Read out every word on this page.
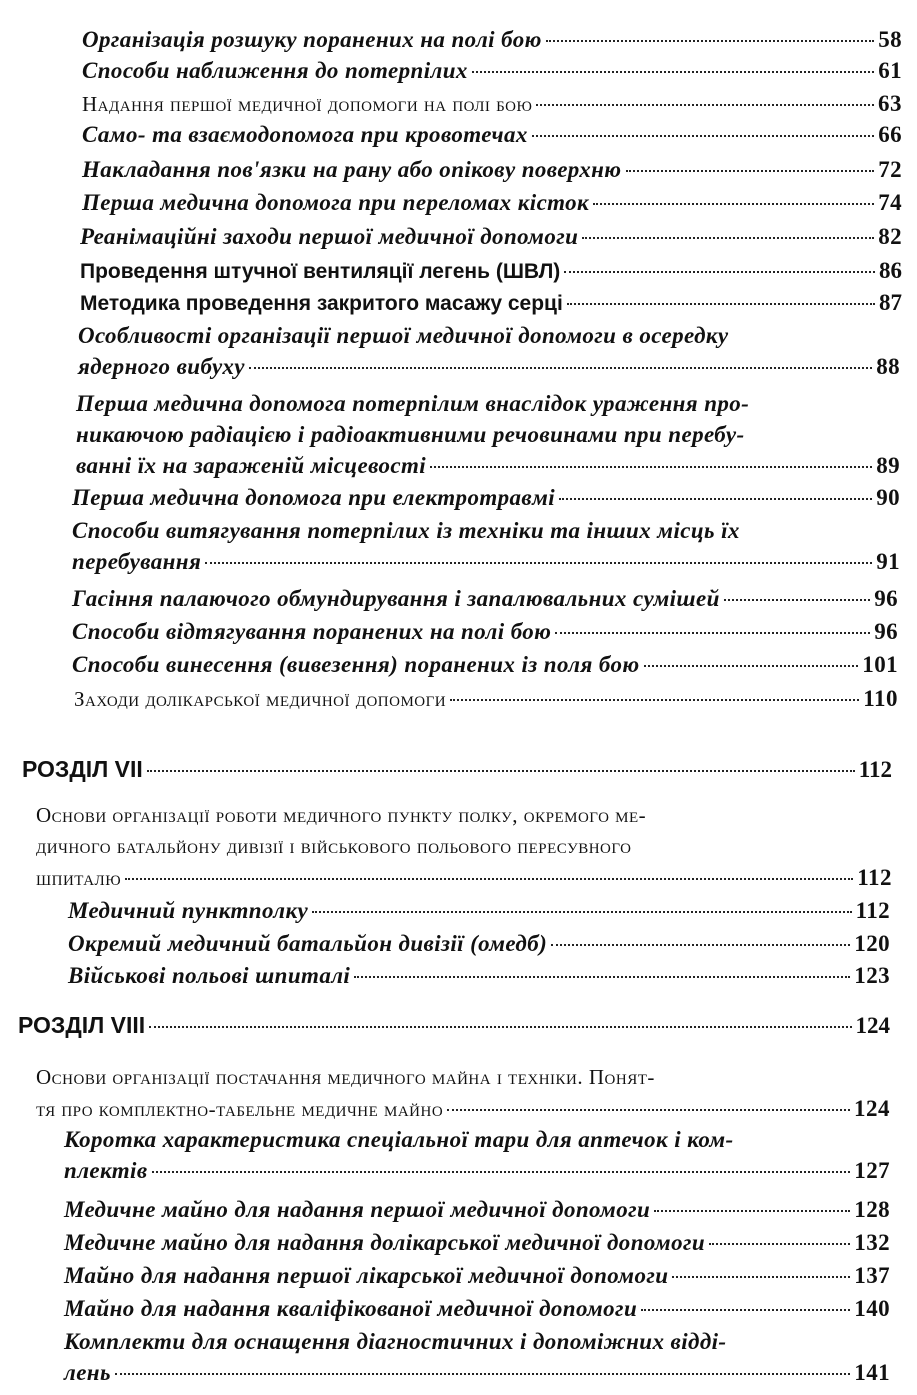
Організація розшуку поранених на полі бою	58
Способи наближення до потерпілих	61
Надання першої медичної допомоги на полі бою	63
Само- та взаємодопомога при кровотечах	66
Накладання пов'язки на рану або опікову поверхню	72
Перша медична допомога при переломах кісток	74
Реанімаційні заходи першої медичної допомоги	82
Проведення штучної вентиляції легень (ШВЛ)	86
Методика проведення закритого масажу серці	87
Особливості організації першої медичної допомоги в осередку
ядерного вибуху	88
Перша медична допомога потерпілим внаслідок ураження про-
никаючою радіацією і радіоактивними речовинами при перебу-
ванні їх на зараженій місцевості	89
Перша медична допомога при електротравмі	90
Способи витягування потерпілих із техніки та інших місць їх
перебування	91
Гасіння палаючого обмундирування і запалювальних сумішей	96
Способи відтягування поранених на полі бою	96
Способи винесення (вивезення) поранених із поля бою	101
Заходи долікарської медичної допомоги	110
РОЗДІЛ VII	112
Основи організації роботи медичного пункту полку, окремого ме-
дичного батальйону дивізії і військового польового пересувного
шпиталю	112
Медичний пунктполку	112
Окремий медичний батальйон дивізії (омедб)	120
Військові польові шпиталі	123
РОЗДІЛ VIII	124
Основи організації постачання медичного майна і техніки. Понят-
тя про комплектно-табельне медичне майно	124
Коротка характеристика спеціальної тари для аптечок і ком-
плектів	127
Медичне майно для надання першої медичної допомоги	128
Медичне майно для надання долікарської медичної допомоги	132
Майно для надання першої лікарської медичної допомоги	137
Майно для надання кваліфікованої медичної допомоги	140
Комплекти для оснащення діагностичних і допоміжних відді-
лень	141
